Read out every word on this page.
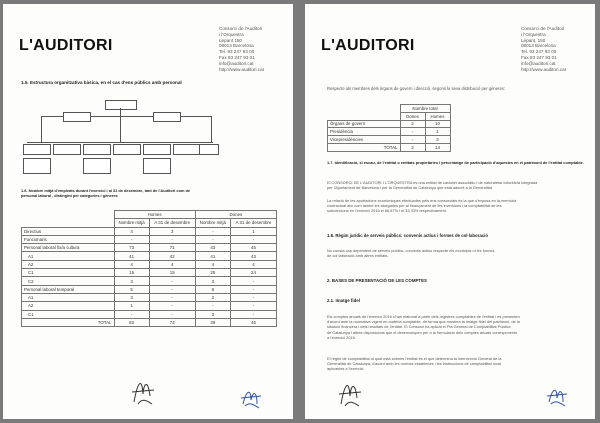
L'AUDITORI
Consorci de l'Auditori
i l'Orquestra
Lepant 150
08013 Barcelona
Tel. 93 247 93 00
Fax 93 247 93 01
info@auditori.cat
http://www.auditori.cat
1.5. Estructura organitzativa bàsica, en el cas d'ens públics amb personal
1.6. Nombre mitjà d'empleats durant l'exercici i al 31 de desembre, tant de l'Auditori com de
personal laboral , distingint per categories i gèneres
	Homes		Dones	
	Nombre mitjà	A 31 de desembre	Nombre mitjà	A 31 de desembre
Directius	4	3	-	1
Funcionaris	-	-	-	-
Personal laboral fix/a cultura	73	71	43	45
A1	41	42	41	43
A2	4	4	4	4
C1	16	15	25	24
C2	3	-	3	-
Personal laboral temporal	5	-	6	-
A1	3	-	2	-
A2	1	-	-	-
C1	-	-	3	-
TOTAL	82	74	49	46
L'AUDITORI
Consorci de l'Auditori
i l'Orquestra
Lepant, 150
08013 Barcelona
Tel. 93 247 93 00
Fax 93 247 93 01
info@auditori.cat
http://www.auditori.cat
Respecte als membres dels òrgans de govern i direcció, segons la seva distribució per gèneres:
	Nombre total	
	Dones	Homes
Òrgans de govern	2	10
Presidència	-	1
Vicepresidències	-	3
TOTAL	2	14
1.7. Identificació, si escau, de l'entitat o entitats propietàries i percentatge de participació d'aquestes en el patrimoni de l'entitat comptable.
El CONSORCI DE L'AUDITORI I L'ORQUESTRA és una entitat de caràcter associatiu i de naturalesa voluntària integrada
per l'Ajuntament de Barcelona i per la Generalitat de Catalunya que està adscrit a la Generalitat.
La relació de les aportacions econòmiques efectuades pels ens consorciats és la que s'exposa en la memòria
contractual així com també les atorgades per al finançament de les inversions i la comptabilitat de les
subvencions en l'exercici 2016 el 66,67% i el 33,33% respectivament.
1.8. Règim jurídic de serveis públics: convenis actius i formes de col·laboració
No consta cap dependent de serveis públics, convenis actius respecte els municipis ni les formes
de col·laboració amb altres entitats.
2. BASES DE PRESENTACIÓ DE LES COMPTES
2.1. Imatge fidel
Els comptes anuals de l'exercici 2016 s'han elaborat a partir dels registres comptables de l'entitat i es presenten
d'acord amb la normativa vigent en matèria comptable, de forma que mostren la imatge fidel del patrimoni, de la
situació financera i dels resultats de l'entitat. El Consorci ha aplicat el Pla General de Comptabilitat Pública
de Catalunya i altres disposicions que el desenvolupen per a la formulació dels comptes anuals corresponents
a l'exercici 2016.
El règim de comptabilitat al qual està sotmès l'entitat és el que determina la Intervenció General de la
Generalitat de Catalunya, d'acord amb les normes establertes i les instruccions de comptabilitat local
aplicables a l'exercici.
